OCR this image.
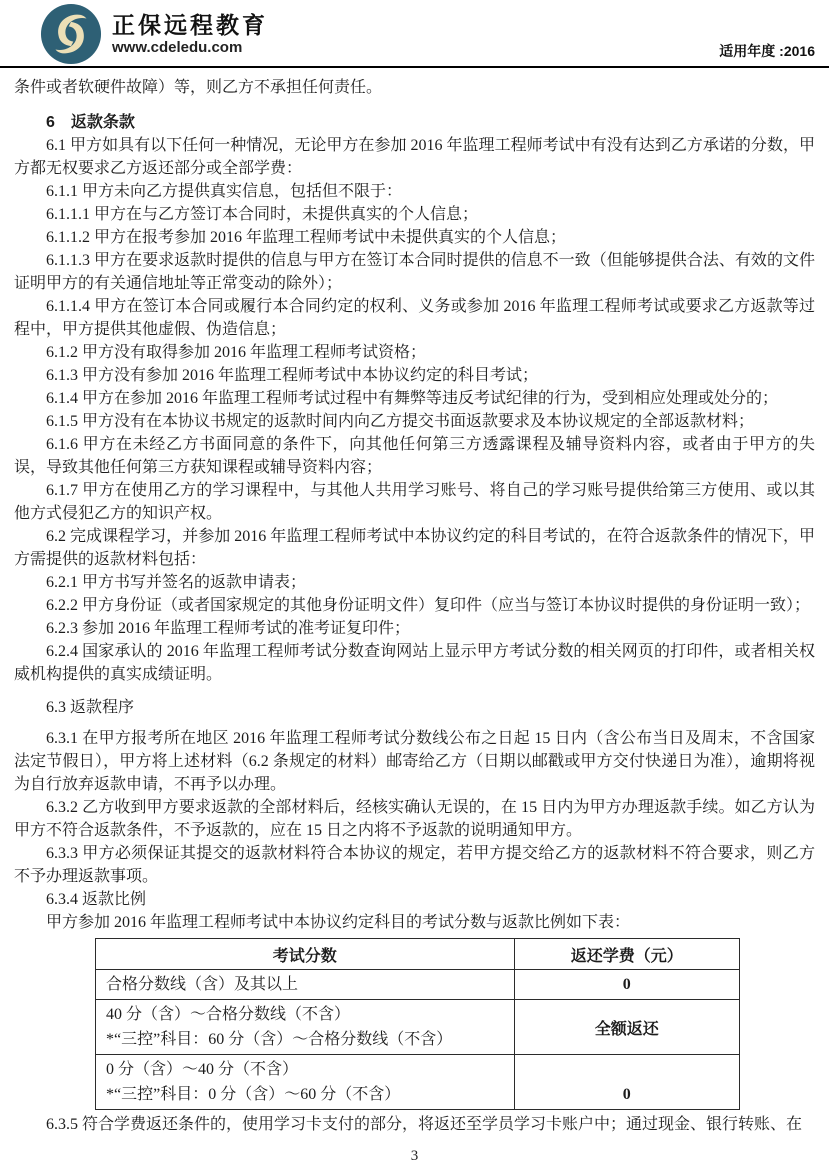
正保远程教育
www.cdeledu.com	适用年度 :2016

条件或者软硬件故障）等，则乙方不承担任何责任。

6　返款条款

6.1 甲方如具有以下任何一种情况，无论甲方在参加 2016 年监理工程师考试中有没有达到乙方承诺的分数，甲方都无权要求乙方返还部分或全部学费：

6.1.1 甲方未向乙方提供真实信息，包括但不限于：

6.1.1.1 甲方在与乙方签订本合同时，未提供真实的个人信息；

6.1.1.2 甲方在报考参加 2016 年监理工程师考试中未提供真实的个人信息；

6.1.1.3 甲方在要求返款时提供的信息与甲方在签订本合同时提供的信息不一致（但能够提供合法、有效的文件证明甲方的有关通信地址等正常变动的除外）；

6.1.1.4 甲方在签订本合同或履行本合同约定的权利、义务或参加 2016 年监理工程师考试或要求乙方返款等过程中，甲方提供其他虚假、伪造信息；

6.1.2 甲方没有取得参加 2016 年监理工程师考试资格；

6.1.3 甲方没有参加 2016 年监理工程师考试中本协议约定的科目考试；

6.1.4 甲方在参加 2016 年监理工程师考试过程中有舞弊等违反考试纪律的行为，受到相应处理或处分的；

6.1.5 甲方没有在本协议书规定的返款时间内向乙方提交书面返款要求及本协议规定的全部返款材料；

6.1.6 甲方在未经乙方书面同意的条件下，向其他任何第三方透露课程及辅导资料内容，或者由于甲方的失误，导致其他任何第三方获知课程或辅导资料内容；

6.1.7 甲方在使用乙方的学习课程中，与其他人共用学习账号、将自己的学习账号提供给第三方使用、或以其他方式侵犯乙方的知识产权。

6.2 完成课程学习，并参加 2016 年监理工程师考试中本协议约定的科目考试的，在符合返款条件的情况下，甲方需提供的返款材料包括：

6.2.1 甲方书写并签名的返款申请表；

6.2.2 甲方身份证（或者国家规定的其他身份证明文件）复印件（应当与签订本协议时提供的身份证明一致）；

6.2.3 参加 2016 年监理工程师考试的准考证复印件；

6.2.4 国家承认的 2016 年监理工程师考试分数查询网站上显示甲方考试分数的相关网页的打印件，或者相关权威机构提供的真实成绩证明。

6.3 返款程序

6.3.1 在甲方报考所在地区 2016 年监理工程师考试分数线公布之日起 15 日内（含公布当日及周末，不含国家法定节假日），甲方将上述材料（6.2 条规定的材料）邮寄给乙方（日期以邮戳或甲方交付快递日为准），逾期将视为自行放弃返款申请，不再予以办理。

6.3.2 乙方收到甲方要求返款的全部材料后，经核实确认无误的，在 15 日内为甲方办理返款手续。如乙方认为甲方不符合返款条件，不予返款的，应在 15 日之内将不予返款的说明通知甲方。

6.3.3 甲方必须保证其提交的返款材料符合本协议的规定，若甲方提交给乙方的返款材料不符合要求，则乙方不予办理返款事项。

6.3.4 返款比例

甲方参加 2016 年监理工程师考试中本协议约定科目的考试分数与返款比例如下表：

考试分数	返还学费（元）
合格分数线（含）及其以上	0

40 分（含）～合格分数线（不含）
*“三控”科目：60 分（含）～合格分数线（不含）	全额返还

0 分（含）～40 分（不含）
*“三控”科目：0 分（含）～60 分（不含）	0

6.3.5 符合学费返还条件的，使用学习卡支付的部分，将返还至学员学习卡账户中；通过现金、银行转账、在

3
